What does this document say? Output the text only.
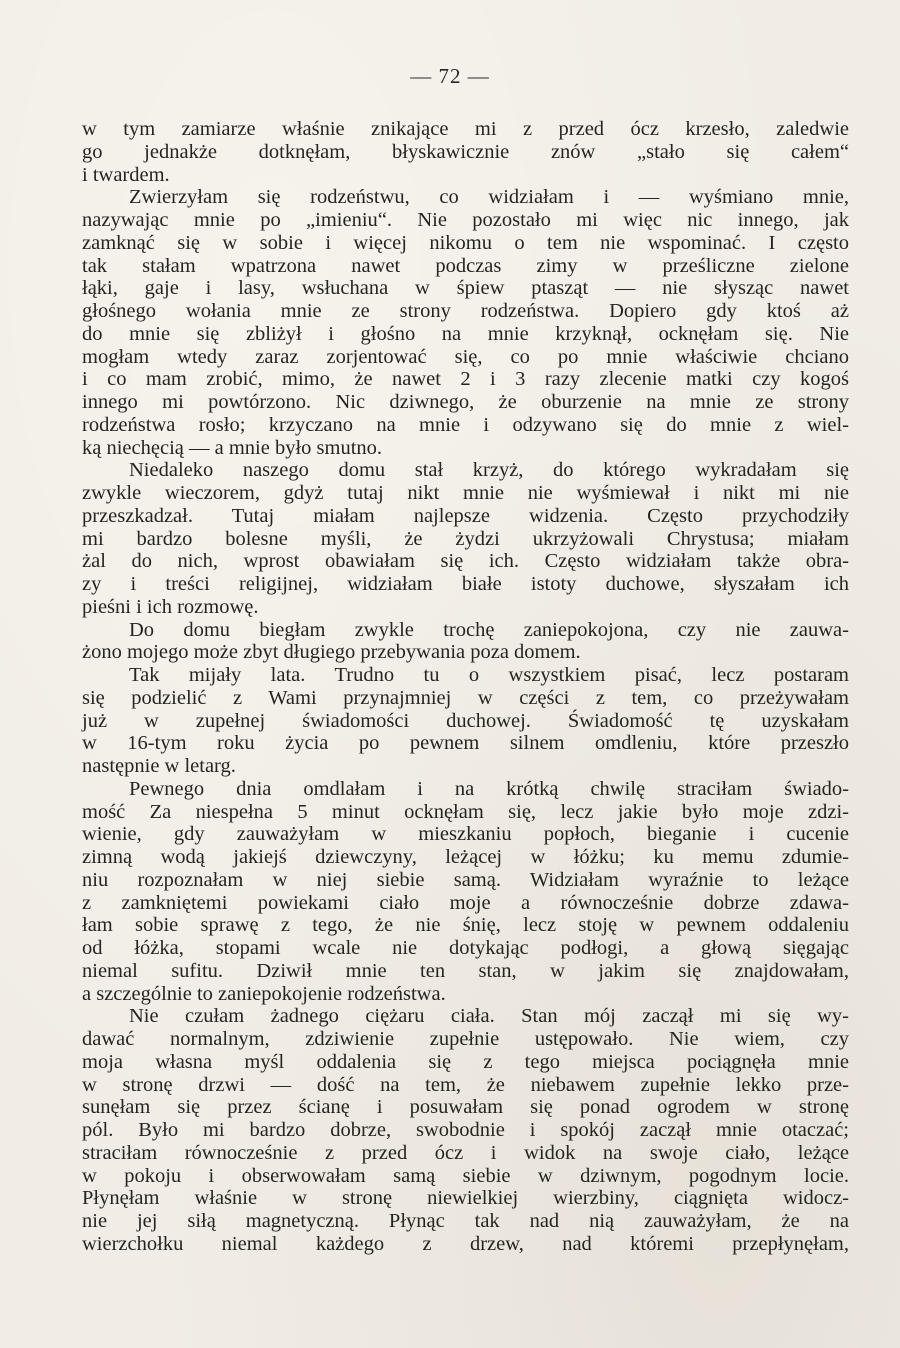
— 72 —
w tym zamiarze właśnie znikające mi z przed ócz krzesło, zaledwie
go jednakże dotknęłam, błyskawicznie znów „stało się całem“
i twardem.
Zwierzyłam się rodzeństwu, co widziałam i — wyśmiano mnie,
nazywając mnie po „imieniu“. Nie pozostało mi więc nic innego, jak
zamknąć się w sobie i więcej nikomu o tem nie wspominać. I często
tak stałam wpatrzona nawet podczas zimy w prześliczne zielone
łąki, gaje i lasy, wsłuchana w śpiew ptasząt — nie słysząc nawet
głośnego wołania mnie ze strony rodzeństwa. Dopiero gdy ktoś aż
do mnie się zbliżył i głośno na mnie krzyknął, ocknęłam się. Nie
mogłam wtedy zaraz zorjentować się, co po mnie właściwie chciano
i co mam zrobić, mimo, że nawet 2 i 3 razy zlecenie matki czy kogoś
innego mi powtórzono. Nic dziwnego, że oburzenie na mnie ze strony
rodzeństwa rosło; krzyczano na mnie i odzywano się do mnie z wiel-
ką niechęcią — a mnie było smutno.
Niedaleko naszego domu stał krzyż, do którego wykradałam się
zwykle wieczorem, gdyż tutaj nikt mnie nie wyśmiewał i nikt mi nie
przeszkadzał. Tutaj miałam najlepsze widzenia. Często przychodziły
mi bardzo bolesne myśli, że żydzi ukrzyżowali Chrystusa; miałam
żal do nich, wprost obawiałam się ich. Często widziałam także obra-
zy i treści religijnej, widziałam białe istoty duchowe, słyszałam ich
pieśni i ich rozmowę.
Do domu biegłam zwykle trochę zaniepokojona, czy nie zauwa-
żono mojego może zbyt długiego przebywania poza domem.
Tak mijały lata. Trudno tu o wszystkiem pisać, lecz postaram
się podzielić z Wami przynajmniej w części z tem, co przeżywałam
już w zupełnej świadomości duchowej. Świadomość tę uzyskałam
w 16-tym roku życia po pewnem silnem omdleniu, które przeszło
następnie w letarg.
Pewnego dnia omdlałam i na krótką chwilę straciłam świado-
mość Za niespełna 5 minut ocknęłam się, lecz jakie było moje zdzi-
wienie, gdy zauważyłam w mieszkaniu popłoch, bieganie i cucenie
zimną wodą jakiejś dziewczyny, leżącej w łóżku; ku memu zdumie-
niu rozpoznałam w niej siebie samą. Widziałam wyraźnie to leżące
z zamkniętemi powiekami ciało moje a równocześnie dobrze zdawa-
łam sobie sprawę z tego, że nie śnię, lecz stoję w pewnem oddaleniu
od łóżka, stopami wcale nie dotykając podłogi, a głową sięgając
niemal sufitu. Dziwił mnie ten stan, w jakim się znajdowałam,
a szczególnie to zaniepokojenie rodzeństwa.
Nie czułam żadnego ciężaru ciała. Stan mój zaczął mi się wy-
dawać normalnym, zdziwienie zupełnie ustępowało. Nie wiem, czy
moja własna myśl oddalenia się z tego miejsca pociągnęła mnie
w stronę drzwi — dość na tem, że niebawem zupełnie lekko prze-
sunęłam się przez ścianę i posuwałam się ponad ogrodem w stronę
pól. Było mi bardzo dobrze, swobodnie i spokój zaczął mnie otaczać;
straciłam równocześnie z przed ócz i widok na swoje ciało, leżące
w pokoju i obserwowałam samą siebie w dziwnym, pogodnym locie.
Płynęłam właśnie w stronę niewielkiej wierzbiny, ciągnięta widocz-
nie jej siłą magnetyczną. Płynąc tak nad nią zauważyłam, że na
wierzchołku niemal każdego z drzew, nad któremi przepłynęłam,
